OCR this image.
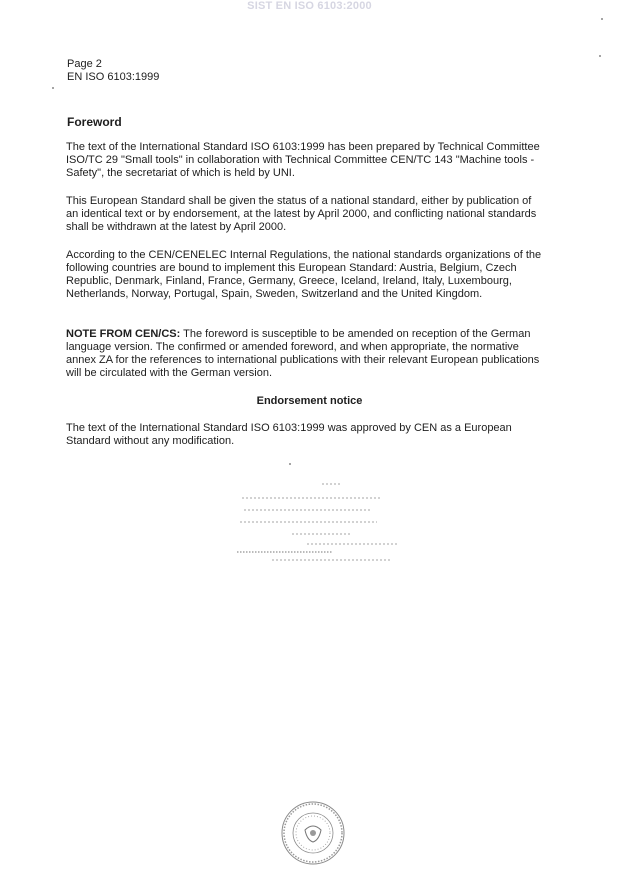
SIST EN ISO 6103:2000
Page 2
EN ISO 6103:1999
Foreword

The text of the International Standard ISO 6103:1999 has been prepared by Technical Committee ISO/TC 29 "Small tools" in collaboration with Technical Committee CEN/TC 143 "Machine tools - Safety", the secretariat of which is held by UNI.

This European Standard shall be given the status of a national standard, either by publication of an identical text or by endorsement, at the latest by April 2000, and conflicting national standards shall be withdrawn at the latest by April 2000.

According to the CEN/CENELEC Internal Regulations, the national standards organizations of the following countries are bound to implement this European Standard: Austria, Belgium, Czech Republic, Denmark, Finland, France, Germany, Greece, Iceland, Ireland, Italy, Luxembourg, Netherlands, Norway, Portugal, Spain, Sweden, Switzerland and the United Kingdom.

NOTE FROM CEN/CS: The foreword is susceptible to be amended on reception of the German language version. The confirmed or amended foreword, and when appropriate, the normative annex ZA for the references to international publications with their relevant European publications will be circulated with the German version.

Endorsement notice

The text of the International Standard ISO 6103:1999 was approved by CEN as a European Standard without any modification.
